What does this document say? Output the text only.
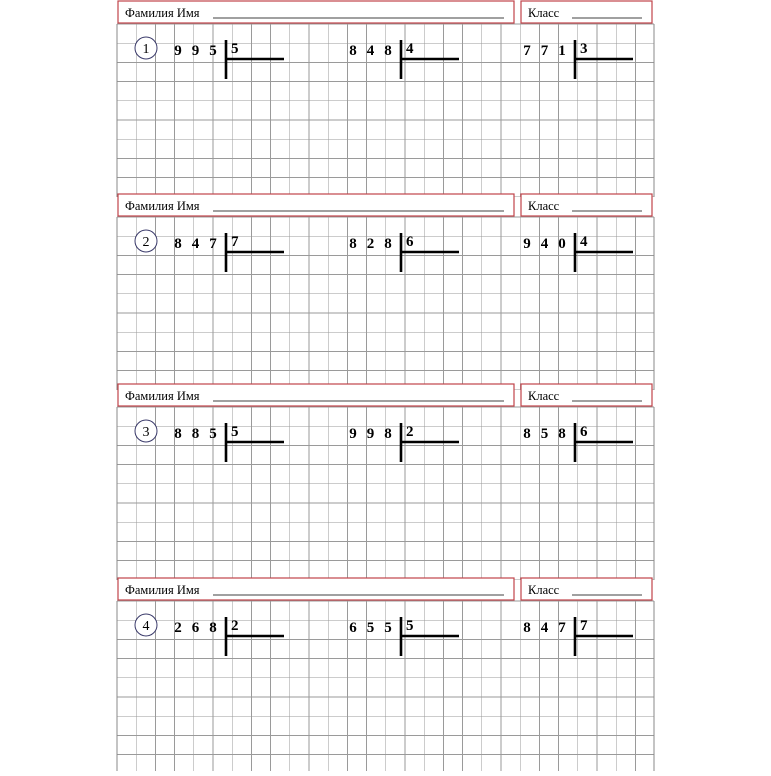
Фамилия Имя	Класс
1 9 9 5 5	8 4 8 4	7 7 1 3
Фамилия Имя	Класс
2 8 4 7 7	8 2 8 6	9 4 0 4
Фамилия Имя	Класс
3 8 8 5 5	9 9 8 2	8 5 8 6
Фамилия Имя	Класс
4 2 6 8 2	6 5 5 5	8 4 7 7
